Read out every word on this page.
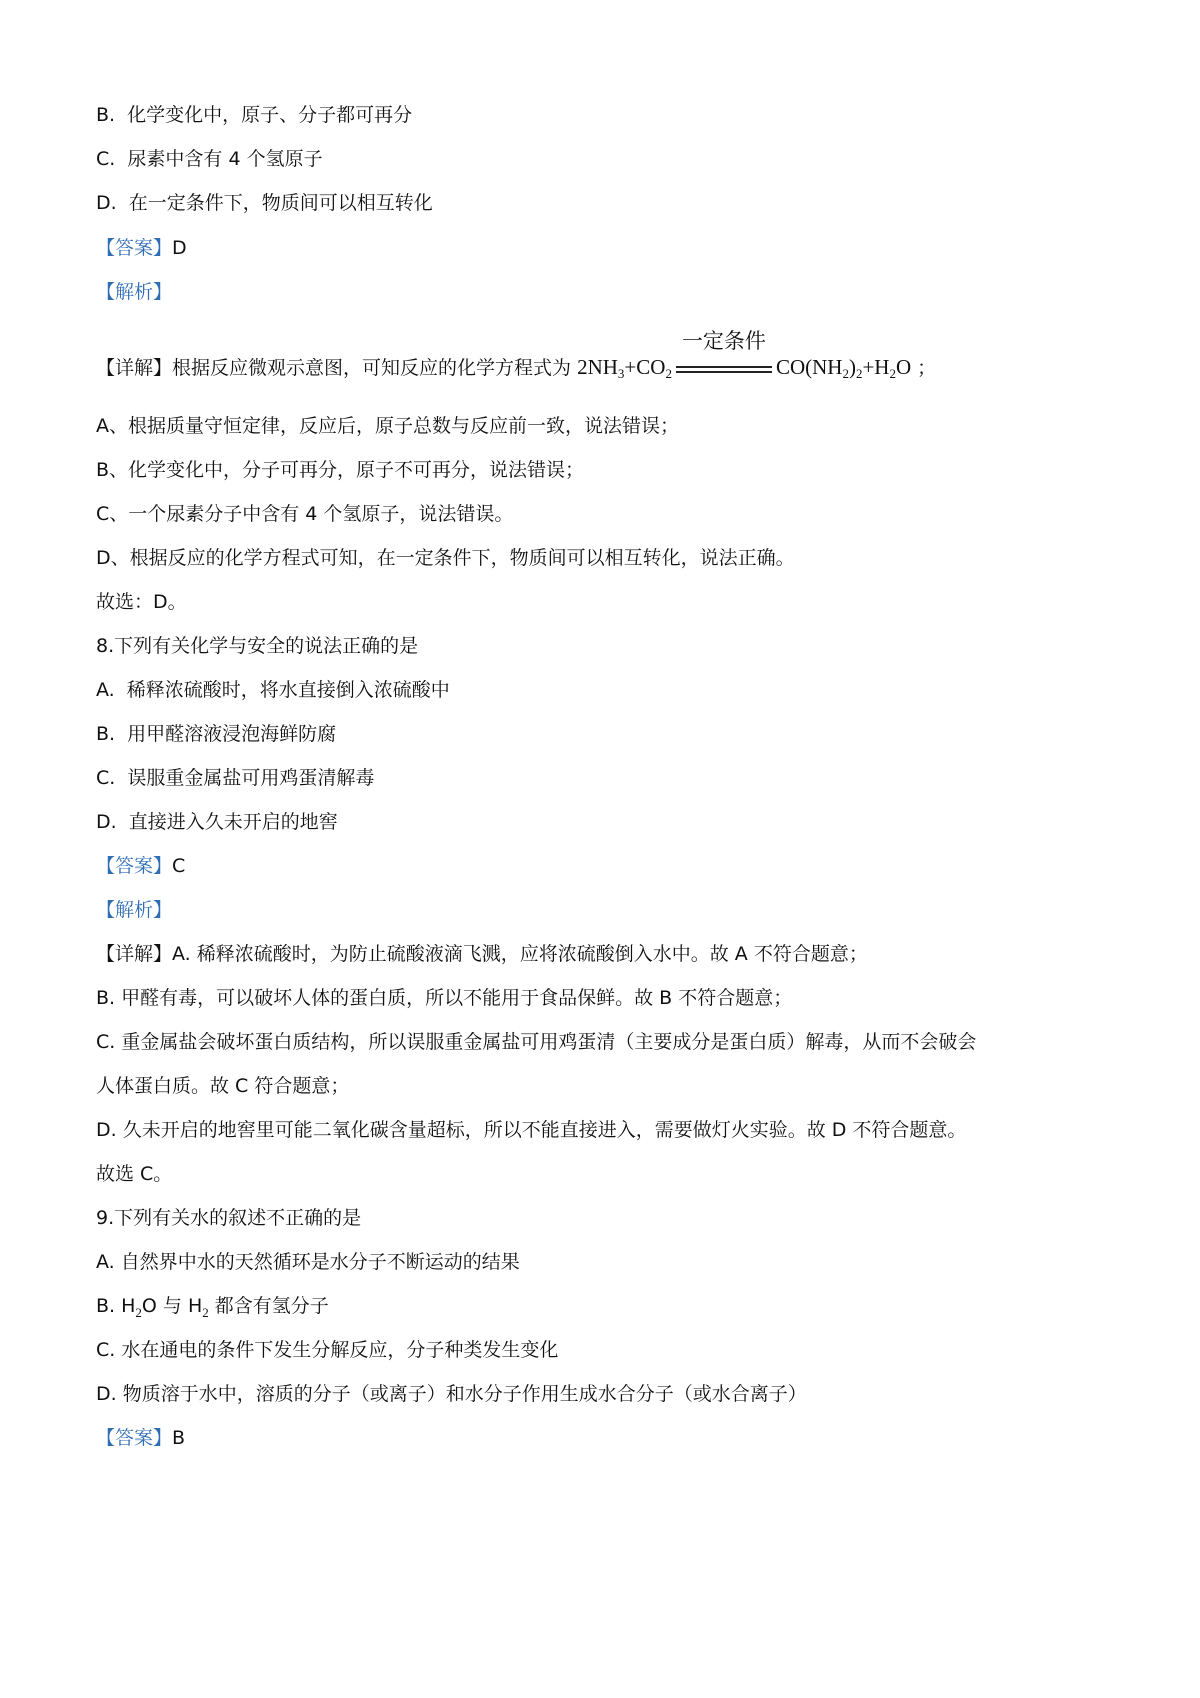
B. 化学变化中，原子、分子都可再分
C. 尿素中含有 4 个氢原子
D. 在一定条件下，物质间可以相互转化
【答案】D
【解析】
【详解】根据反应微观示意图，可知反应的化学方程式为 $2NH_3+CO_2$
一定条件
$CO(NH_2)_2+H_2O$ ；
A、根据质量守恒定律，反应后，原子总数与反应前一致，说法错误；
B、化学变化中，分子可再分，原子不可再分，说法错误；
C、一个尿素分子中含有 4 个氢原子，说法错误。
D、根据反应的化学方程式可知，在一定条件下，物质间可以相互转化，说法正确。
故选：D。
8.下列有关化学与安全的说法正确的是
A. 稀释浓硫酸时，将水直接倒入浓硫酸中
B. 用甲醛溶液浸泡海鲜防腐
C. 误服重金属盐可用鸡蛋清解毒
D. 直接进入久未开启的地窖
【答案】C
【解析】
【详解】A. 稀释浓硫酸时，为防止硫酸液滴飞溅，应将浓硫酸倒入水中。故 A 不符合题意；
B. 甲醛有毒，可以破坏人体的蛋白质，所以不能用于食品保鲜。故 B 不符合题意；
C. 重金属盐会破坏蛋白质结构，所以误服重金属盐可用鸡蛋清（主要成分是蛋白质）解毒，从而不会破会
人体蛋白质。故 C 符合题意；
D. 久未开启的地窖里可能二氧化碳含量超标，所以不能直接进入，需要做灯火实验。故 D 不符合题意。
故选 C。
9.下列有关水的叙述不正确的是
A. 自然界中水的天然循环是水分子不断运动的结果
B. $H_2O$ 与 $H_2$ 都含有氢分子
C. 水在通电的条件下发生分解反应，分子种类发生变化
D. 物质溶于水中，溶质的分子（或离子）和水分子作用生成水合分子（或水合离子）
【答案】B
